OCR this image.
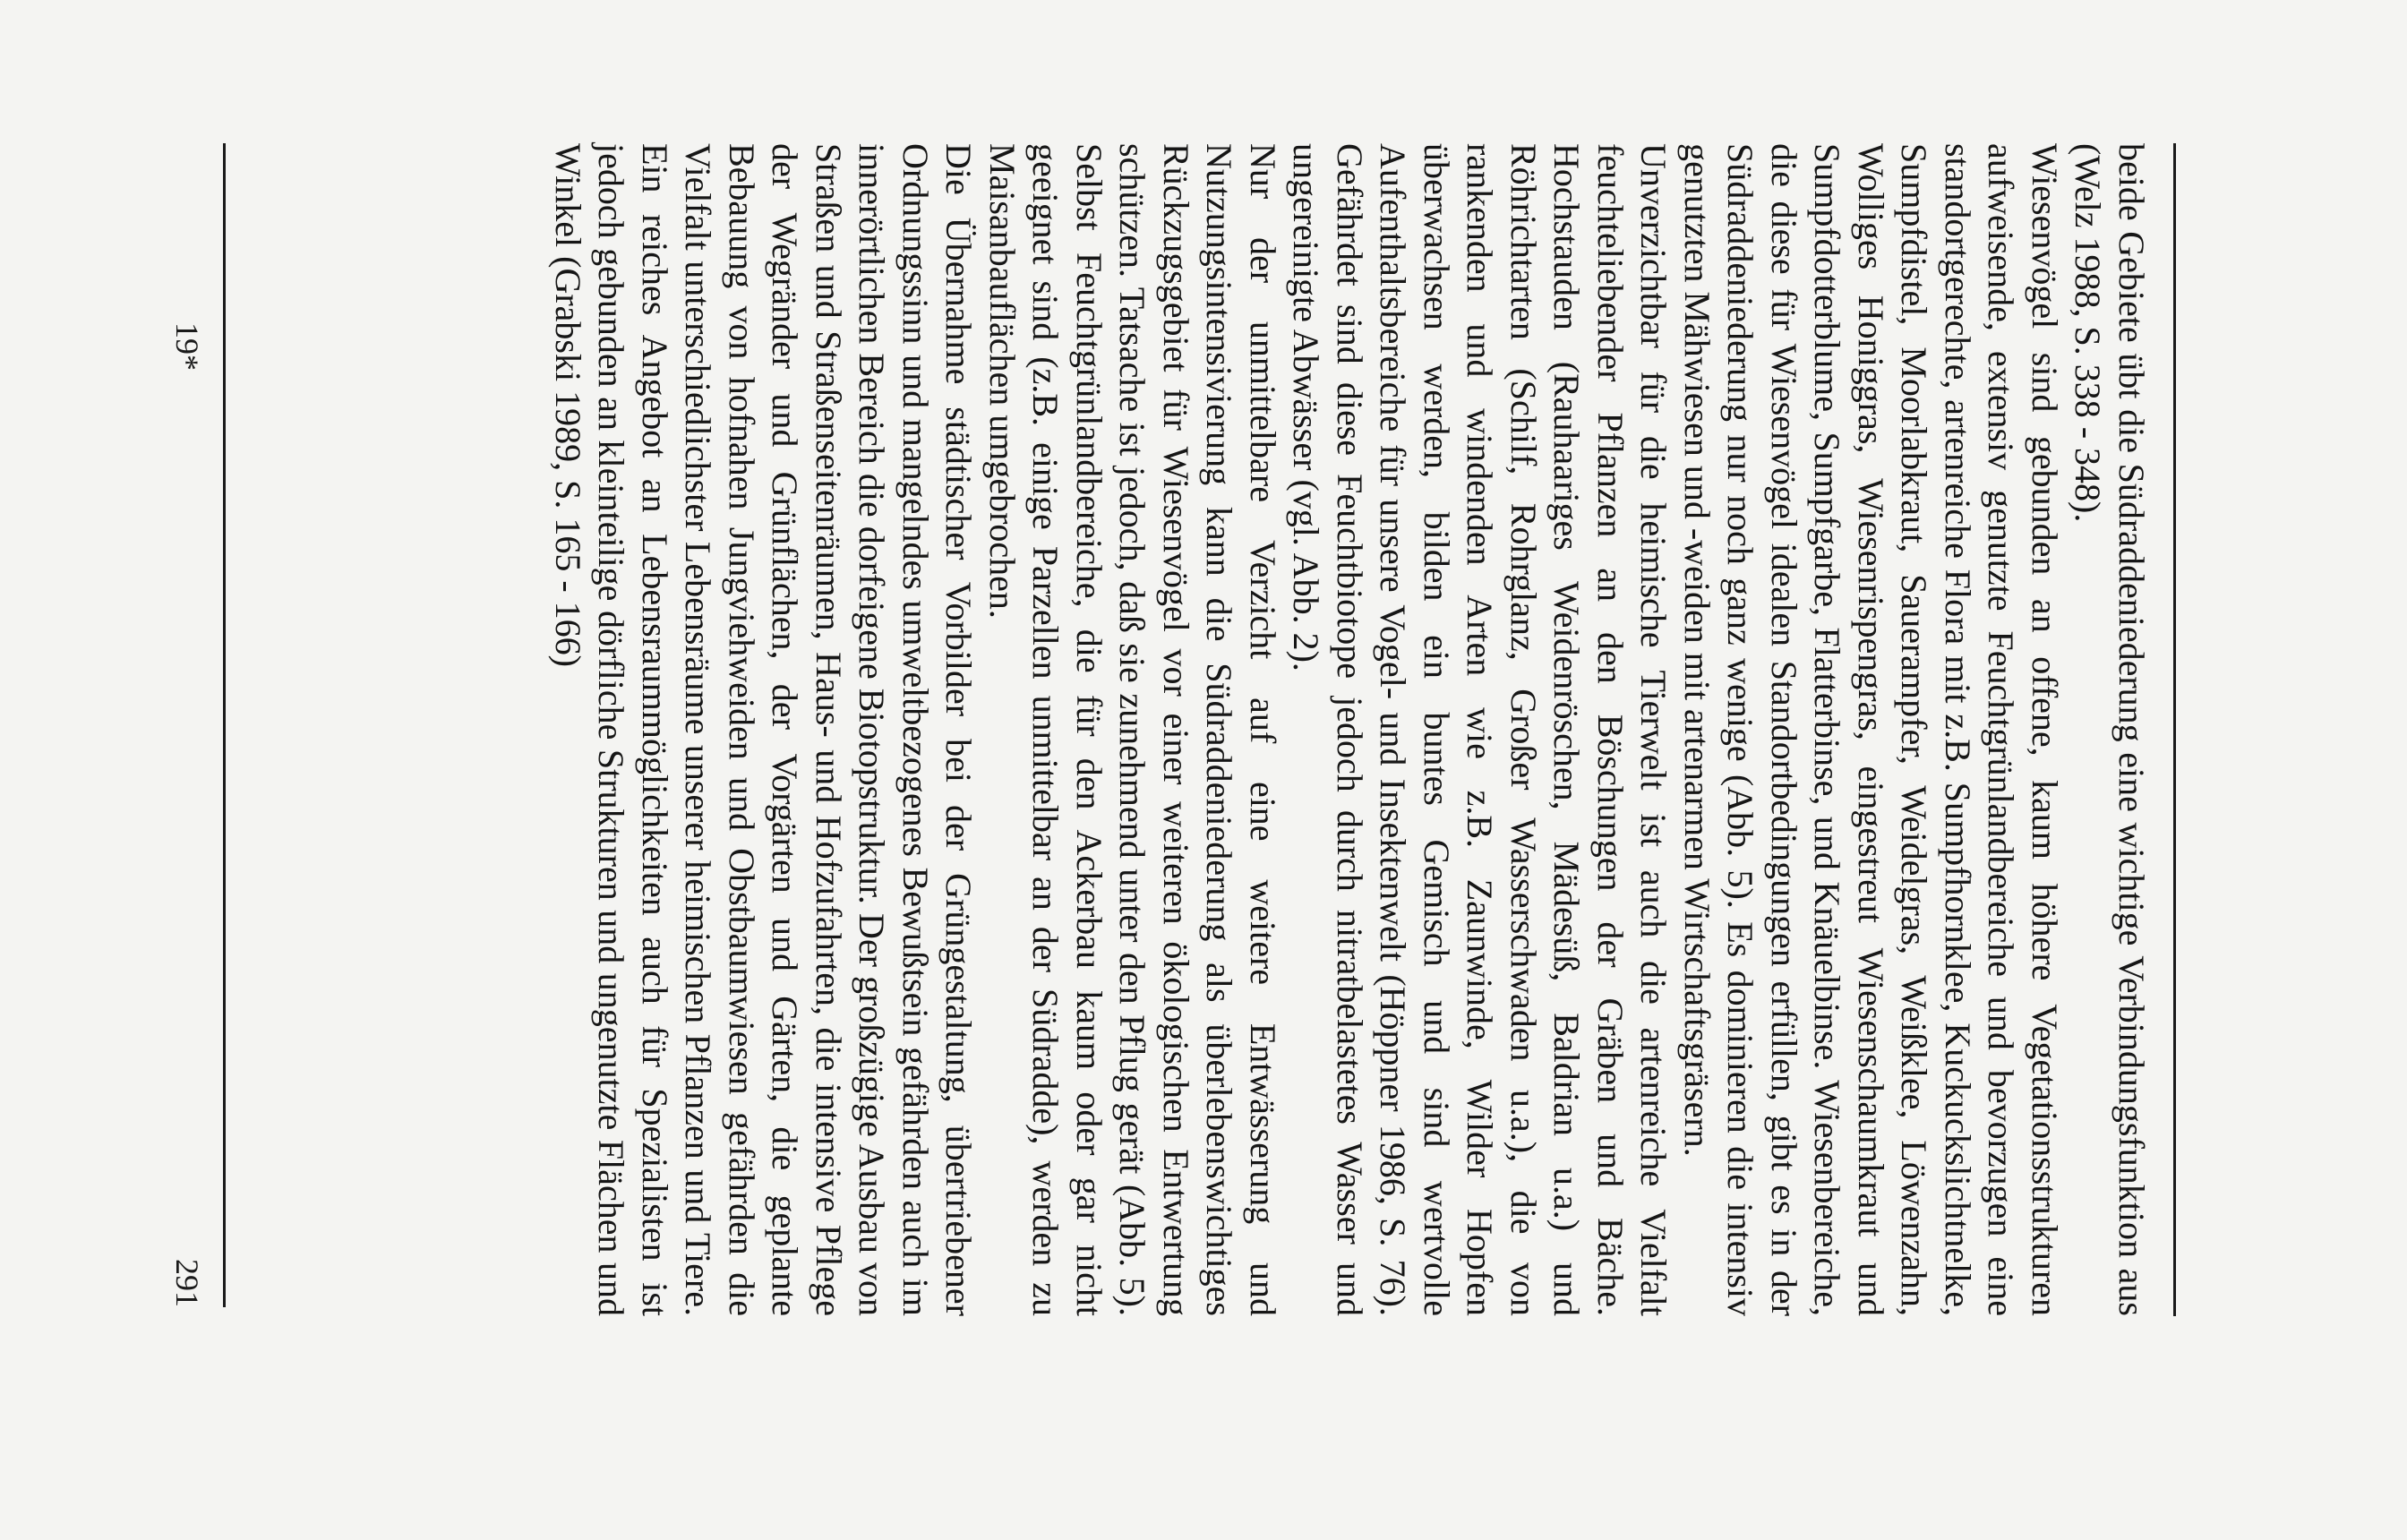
beide Gebiete übt die Südraddeniederung eine wichtige Verbindungsfunktion aus (Welz 1988, S. 338 - 348).

Wiesenvögel sind gebunden an offene, kaum höhere Vegetationsstrukturen aufweisende, extensiv genutzte Feuchtgrünlandbereiche und bevorzugen eine standortgerechte, artenreiche Flora mit z.B. Sumpfhornklee, Kuckuckslichtnelke, Sumpfdistel, Moorlabkraut, Sauerampfer, Weidelgras, Weißklee, Löwenzahn, Wolliges Honiggras, Wiesenrispengras, eingestreut Wiesenschaumkraut und Sumpfdotterblume, Sumpfgarbe, Flatterbinse, und Knäuelbinse. Wiesenbereiche, die diese für Wiesenvögel idealen Standortbedingungen erfüllen, gibt es in der Südraddeniederung nur noch ganz wenige (Abb. 5). Es dominieren die intensiv genutzten Mähwiesen und -weiden mit artenarmen Wirtschaftsgräsern.

Unverzichtbar für die heimische Tierwelt ist auch die artenreiche Vielfalt feuchteliebender Pflanzen an den Böschungen der Gräben und Bäche. Hochstauden (Rauhaariges Weidenröschen, Mädesüß, Baldrian u.a.) und Röhrichtarten (Schilf, Rohrglanz, Großer Wasserschwaden u.a.), die von rankenden und windenden Arten wie z.B. Zaunwinde, Wilder Hopfen überwachsen werden, bilden ein buntes Gemisch und sind wertvolle Aufenthaltsbereiche für unsere Vogel- und Insektenwelt (Höppner 1986, S. 76). Gefährdet sind diese Feuchtbiotope jedoch durch nitratbelastetes Wasser und ungereinigte Abwässer (vgl. Abb. 2).

Nur der unmittelbare Verzicht auf eine weitere Entwässerung und Nutzungsintensivierung kann die Südraddeniederung als überlebenswichtiges Rückzugsgebiet für Wiesenvögel vor einer weiteren ökologischen Entwertung schützen. Tatsache ist jedoch, daß sie zunehmend unter den Pflug gerät (Abb. 5). Selbst Feuchtgrünlandbereiche, die für den Ackerbau kaum oder gar nicht geeignet sind (z.B. einige Parzellen unmittelbar an der Südradde), werden zu Maisanbauflächen umgebrochen.

Die Übernahme städtischer Vorbilder bei der Grüngestaltung, übertriebener Ordnungssinn und mangelndes umweltbezogenes Bewußtsein gefährden auch im innerörtlichen Bereich die dorfeigene Biotopstruktur. Der großzügige Ausbau von Straßen und Straßenseitenräumen, Haus- und Hofzufahrten, die intensive Pflege der Wegränder und Grünflächen, der Vorgärten und Gärten, die geplante Bebauung von hofnahen Jungviehweiden und Obstbaumwiesen gefährden die Vielfalt unterschiedlichster Lebensräume unserer heimischen Pflanzen und Tiere. Ein reiches Angebot an Lebensraummöglichkeiten auch für Spezialisten ist jedoch gebunden an kleinteilige dörfliche Strukturen und ungenutzte Flächen und Winkel (Grabski 1989, S. 165 - 166)

19*
291
